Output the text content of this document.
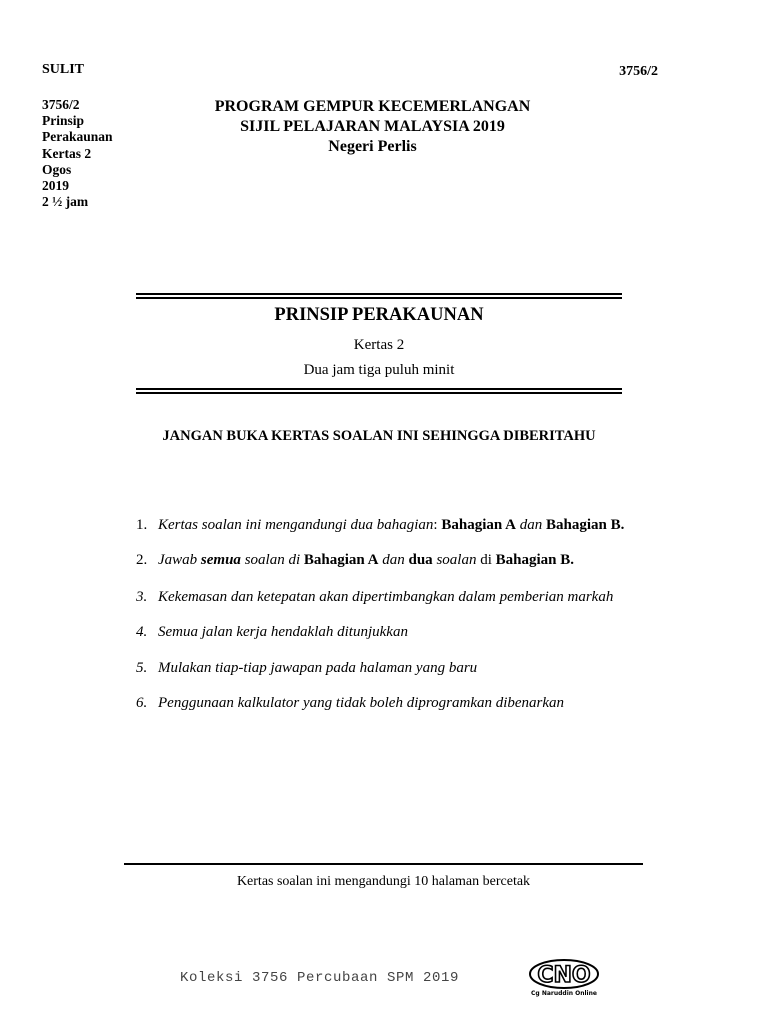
SULIT	3756/2
3756/2
Prinsip
Perakaunan
Kertas 2
Ogos
2019
2 ½ jam
PROGRAM GEMPUR KECEMERLANGAN
SIJIL PELAJARAN MALAYSIA 2019
Negeri Perlis
PRINSIP PERAKAUNAN
Kertas 2
Dua jam tiga puluh minit
JANGAN BUKA KERTAS SOALAN INI SEHINGGA DIBERITAHU
1. Kertas soalan ini mengandungi dua bahagian: Bahagian A dan Bahagian B.
2. Jawab semua soalan di Bahagian A dan dua soalan di Bahagian B.
3. Kekemasan dan ketepatan akan dipertimbangkan dalam pemberian markah
4. Semua jalan kerja hendaklah ditunjukkan
5. Mulakan tiap-tiap jawapan pada halaman yang baru
6. Penggunaan kalkulator yang tidak boleh diprogramkan dibenarkan
Kertas soalan ini mengandungi 10 halaman bercetak
Koleksi 3756 Percubaan SPM 2019	CNO
Cg Naruddin Online
